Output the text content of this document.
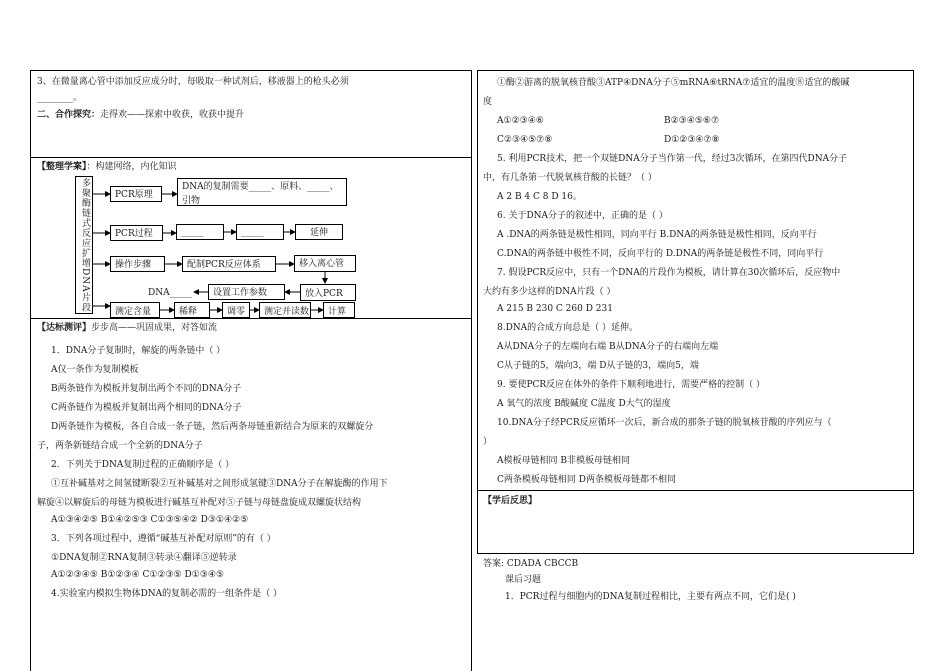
3、在微量离心管中添加反应成分时，每吸取一种试剂后，移液器上的枪头必须
________。
二、合作探究：走得欢——探索中收获，收获中提升
【整理学案】：构建网络，内化知识
多聚酶链式反应扩增DNA片段	PCR原理
DNA的复制需要_____、原料、_____、
引物
PCR过程	_____	_____	延伸
操作步骤	配制PCR反应体系	移入离心管
DNA_____	设置工作参数	放入PCR
测定含量	稀释	调零	测定并读数	计算
【达标测评】步步高——巩固成果，对答如流
1．DNA分子复制时，解旋的两条链中（ ）
A仅一条作为复制模板
B两条链作为模板并复制出两个不同的DNA分子
C两条链作为模板并复制出两个相同的DNA分子
D两条链作为模板，各自合成一条子链，然后两条母链重新结合为原来的双螺旋分
子，两条新链结合成一个全新的DNA分子
2．下列关于DNA复制过程的正确顺序是（ ）
①互补碱基对之间氢键断裂②互补碱基对之间形成氢键③DNA分子在解旋酶的作用下
解旋④以解旋后的母链为模板进行碱基互补配对⑤子链与母链盘旋成双螺旋状结构
A①③④②⑤ B①④②⑤③ C①③⑤④② D③①④②⑤
3．下列各项过程中，遵循“碱基互补配对原则”的有（ ）
①DNA复制②RNA复制③转录④翻译⑤逆转录
A①②③④⑤ B①②③④ C①②③⑤ D①③④⑤
4.实验室内模拟生物体DNA的复制必需的一组条件是（ ）
①酶②游离的脱氧核苷酸③ATP④DNA分子⑤mRNA⑥tRNA⑦适宜的温度⑧适宜的酸碱
度
A①②③④⑥	B②③④⑤⑥⑦
C②③④⑤⑦⑧	D①②③④⑦⑧
5. 利用PCR技术，把一个双链DNA分子当作第一代，经过3次循环，在第四代DNA分子
中，有几条第一代脱氧核苷酸的长链？（ ）
A 2 B 4 C 8 D 16。
6. 关于DNA分子的叙述中，正确的是（ ）
A .DNA的两条链是极性相同，同向平行 B.DNA的两条链是极性相同，反向平行
C.DNA的两条链中极性不同，反向平行的 D.DNA的两条链是极性不同，同向平行
7. 假设PCR反应中，只有一个DNA的片段作为模板，请计算在30次循环后，反应物中
大约有多少这样的DNA片段（ ）
A 215 B 230 C 260 D 231
8.DNA的合成方向总是（ ）延伸。
A从DNA分子的左端向右端 B从DNA分子的右端向左端
C从子链的5，端向3，端 D从子链的3，端向5，端
9. 要使PCR反应在体外的条件下顺利地进行，需要严格的控制（ ）
A 氧气的浓度 B酸碱度 C温度 D大气的湿度
10.DNA分子经PCR反应循环一次后，新合成的那条子链的脱氧核苷酸的序列应与（
）
A模板母链相同 B非模板母链相同
C两条模板母链相同 D两条模板母链都不相同
【学后反思】
答案: CDADA CBCCB
课后习题
1．PCR过程与细胞内的DNA复制过程相比，主要有两点不同，它们是( )
